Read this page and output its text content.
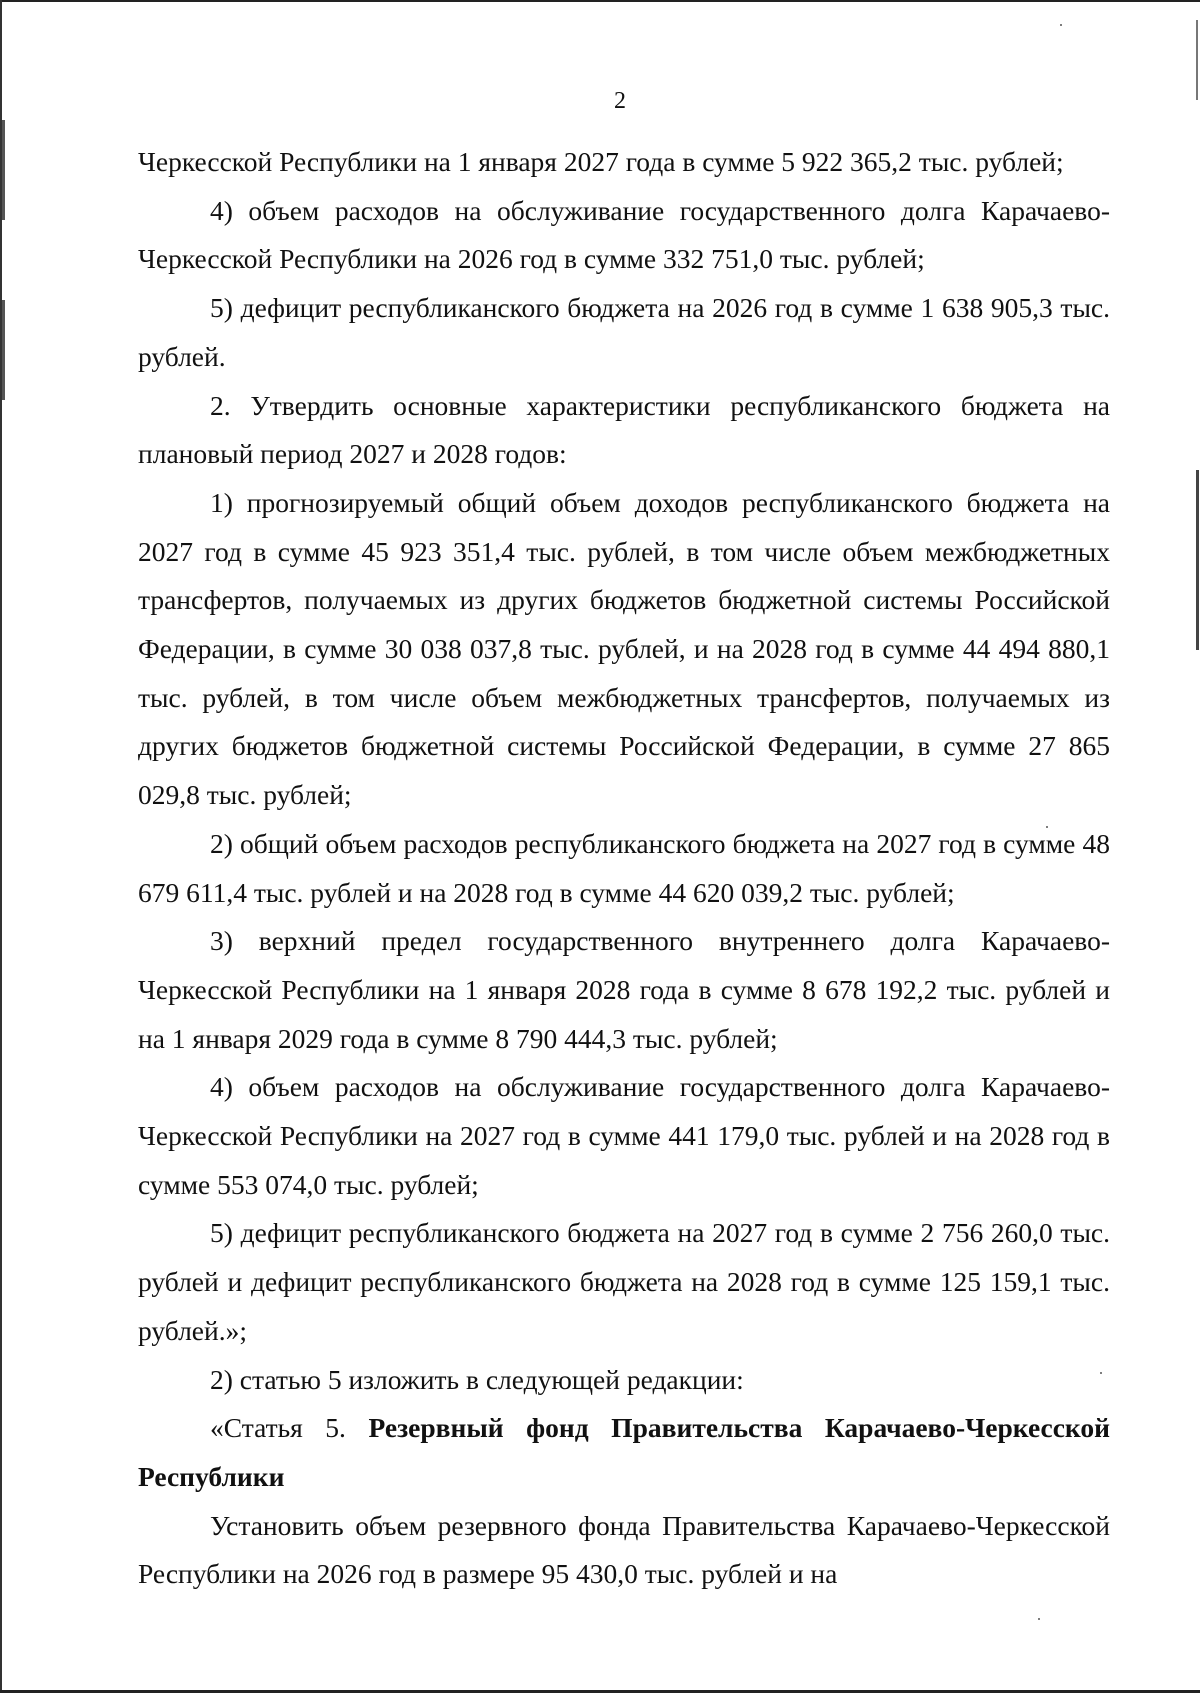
2

Черкесской Республики на 1 января 2027 года в сумме 5 922 365,2 тыс. рублей;

4) объем расходов на обслуживание государственного долга Карачаево-Черкесской Республики на 2026 год в сумме 332 751,0 тыс. рублей;

5) дефицит республиканского бюджета на 2026 год в сумме 1 638 905,3 тыс. рублей.

2. Утвердить основные характеристики республиканского бюджета на плановый период 2027 и 2028 годов:

1) прогнозируемый общий объем доходов республиканского бюджета на 2027 год в сумме 45 923 351,4 тыс. рублей, в том числе объем межбюджетных трансфертов, получаемых из других бюджетов бюджетной системы Российской Федерации, в сумме 30 038 037,8 тыс. рублей, и на 2028 год в сумме 44 494 880,1 тыс. рублей, в том числе объем межбюджетных трансфертов, получаемых из других бюджетов бюджетной системы Российской Федерации, в сумме 27 865 029,8 тыс. рублей;

2) общий объем расходов республиканского бюджета на 2027 год в сумме 48 679 611,4 тыс. рублей и на 2028 год в сумме 44 620 039,2 тыс. рублей;

3) верхний предел государственного внутреннего долга Карачаево-Черкесской Республики на 1 января 2028 года в сумме 8 678 192,2 тыс. рублей и на 1 января 2029 года в сумме 8 790 444,3 тыс. рублей;

4) объем расходов на обслуживание государственного долга Карачаево-Черкесской Республики на 2027 год в сумме 441 179,0 тыс. рублей и на 2028 год в сумме 553 074,0 тыс. рублей;

5) дефицит республиканского бюджета на 2027 год в сумме 2 756 260,0 тыс. рублей и дефицит республиканского бюджета на 2028 год в сумме 125 159,1 тыс. рублей.»;

2) статью 5 изложить в следующей редакции:

«Статья 5. Резервный фонд Правительства Карачаево-Черкесской Республики

Установить объем резервного фонда Правительства Карачаево-Черкесской Республики на 2026 год в размере 95 430,0 тыс. рублей и на
